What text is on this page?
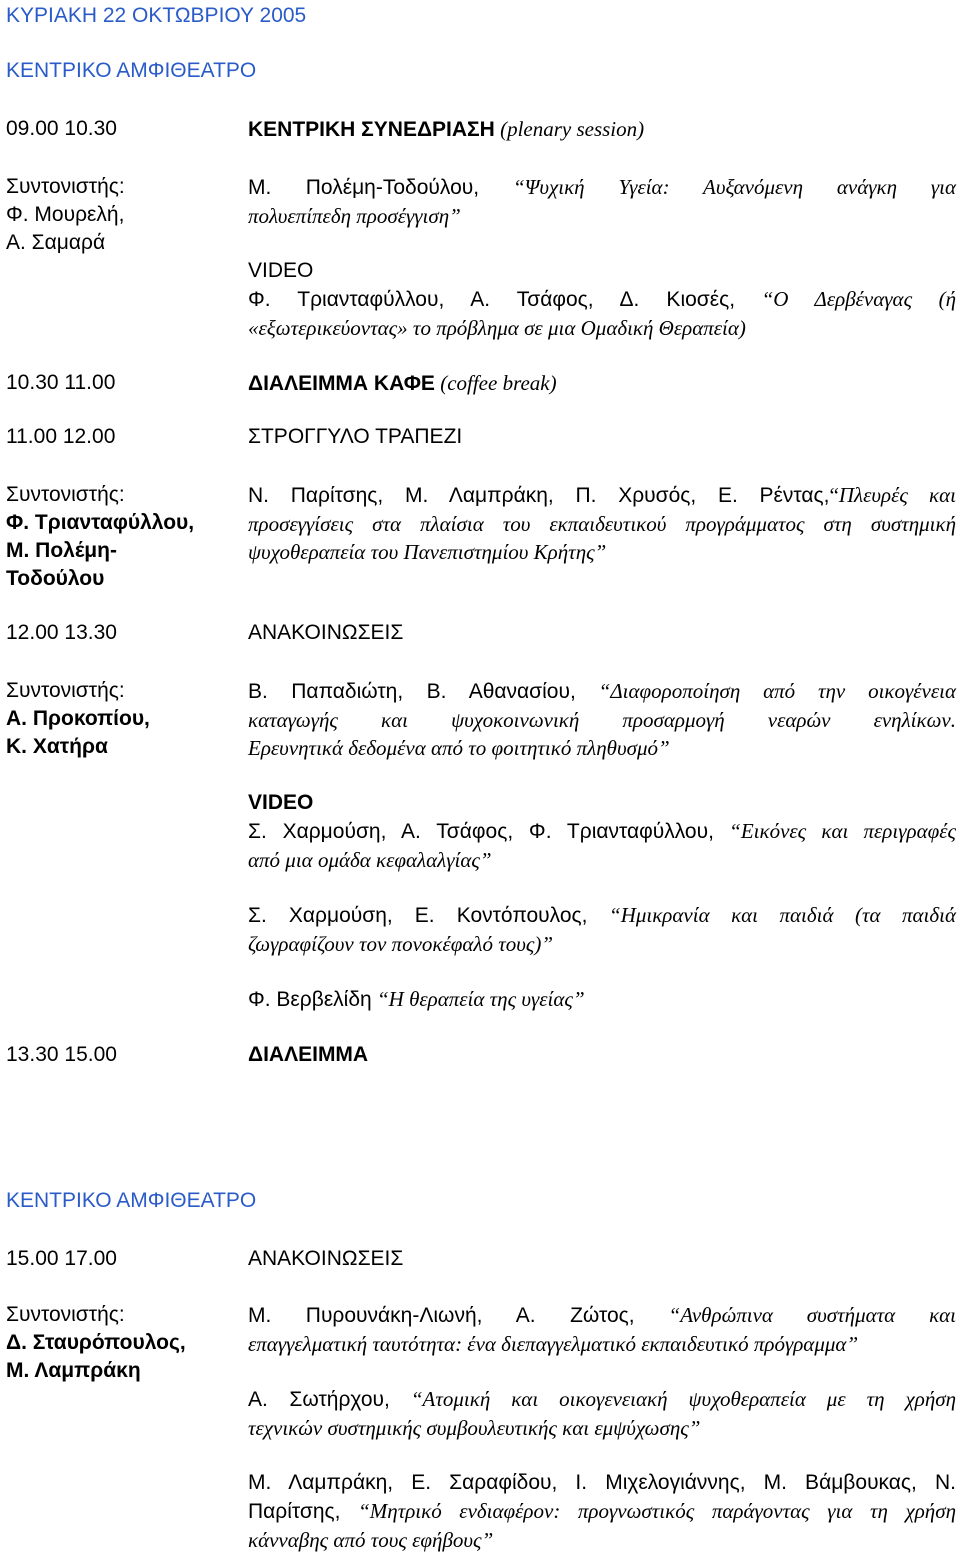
ΚΥΡΙΑΚΗ 22 ΟΚΤΩΒΡΙΟΥ 2005
ΚΕΝΤΡΙΚΟ ΑΜΦΙΘΕΑΤΡΟ
09.00 10.30	ΚΕΝΤΡΙΚΗ ΣΥΝΕΔΡΙΑΣΗ (plenary session)
Συντονιστής:
Φ. Μουρελή,
Α. Σαμαρά
Μ. Πολέμη-Τοδούλου, “Ψυχική Υγεία: Αυξανόμενη ανάγκη για
πολυεπίπεδη προσέγγιση”
VIDEO
Φ. Τριανταφύλλου, Α. Τσάφος, Δ. Κιοσές, “Ο Δερβέναγας (ή
«εξωτερικεύοντας» το πρόβλημα σε μια Ομαδική Θεραπεία)
10.30 11.00	ΔΙΑΛΕΙΜΜΑ ΚΑΦΕ (coffee break)
11.00 12.00	ΣΤΡΟΓΓΥΛΟ ΤΡΑΠΕΖΙ
Συντονιστής:
Φ. Τριανταφύλλου,
Μ. Πολέμη-
Τοδούλου
Ν. Παρίτσης, Μ. Λαμπράκη, Π. Χρυσός, Ε. Ρέντας,“Πλευρές και
προσεγγίσεις στα πλαίσια του εκπαιδευτικού προγράμματος στη συστημική
ψυχοθεραπεία του Πανεπιστημίου Κρήτης”
12.00 13.30	ΑΝΑΚΟΙΝΩΣΕΙΣ
Συντονιστής:
Α. Προκοπίου,
Κ. Χατήρα
Β. Παπαδιώτη, Β. Αθανασίου, “Διαφοροποίηση από την οικογένεια
καταγωγής και ψυχοκοινωνική προσαρμογή νεαρών ενηλίκων.
Ερευνητικά δεδομένα από το φοιτητικό πληθυσμό”
VIDEO
Σ. Χαρμούση, Α. Τσάφος, Φ. Τριανταφύλλου, “Εικόνες και περιγραφές
από μια ομάδα κεφαλαλγίας”
Σ. Χαρμούση, Ε. Κοντόπουλος, “Ημικρανία και παιδιά (τα παιδιά
ζωγραφίζουν τον πονοκέφαλό τους)”
Φ. Βερβελίδη “Η θεραπεία της υγείας”
13.30 15.00	ΔΙΑΛΕΙΜΜΑ
ΚΕΝΤΡΙΚΟ ΑΜΦΙΘΕΑΤΡΟ
15.00 17.00	ΑΝΑΚΟΙΝΩΣΕΙΣ
Συντονιστής:
Δ. Σταυρόπουλος,
Μ. Λαμπράκη
Μ. Πυρουνάκη-Λιωνή, Α. Ζώτος, “Ανθρώπινα συστήματα και
επαγγελματική ταυτότητα: ένα διεπαγγελματικό εκπαιδευτικό πρόγραμμα”
Α. Σωτήρχου, “Ατομική και οικογενειακή ψυχοθεραπεία με τη χρήση
τεχνικών συστημικής συμβουλευτικής και εμψύχωσης”
Μ. Λαμπράκη, Ε. Σαραφίδου, Ι. Μιχελογιάννης, Μ. Βάμβουκας, Ν.
Παρίτσης, “Μητρικό ενδιαφέρον: προγνωστικός παράγοντας για τη χρήση
κάνναβης από τους εφήβους”
